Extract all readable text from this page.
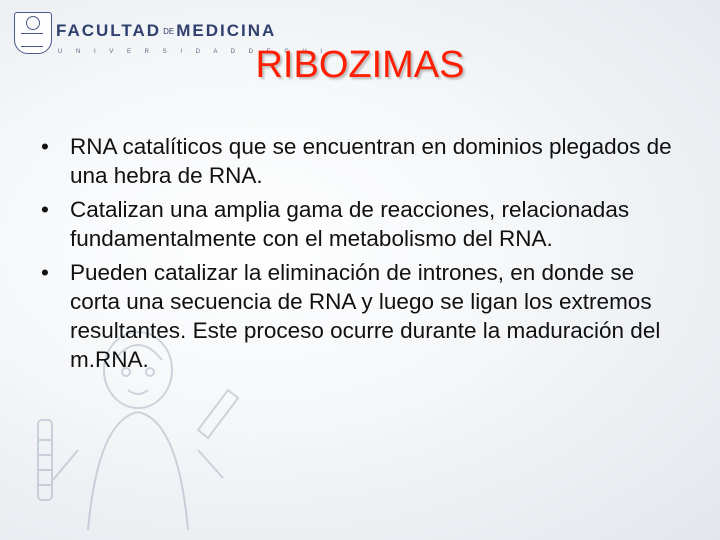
FACULTAD DE MEDICINA
U N I V E R S I D A D D E C H I
RIBOZIMAS
• RNA catalíticos que se encuentran en dominios plegados de una hebra de RNA.
• Catalizan una amplia gama de reacciones, relacionadas fundamentalmente con el metabolismo del RNA.
• Pueden catalizar la eliminación de intrones, en donde se corta una secuencia de RNA y luego se ligan los extremos resultantes. Este proceso ocurre durante la maduración del m.RNA.
